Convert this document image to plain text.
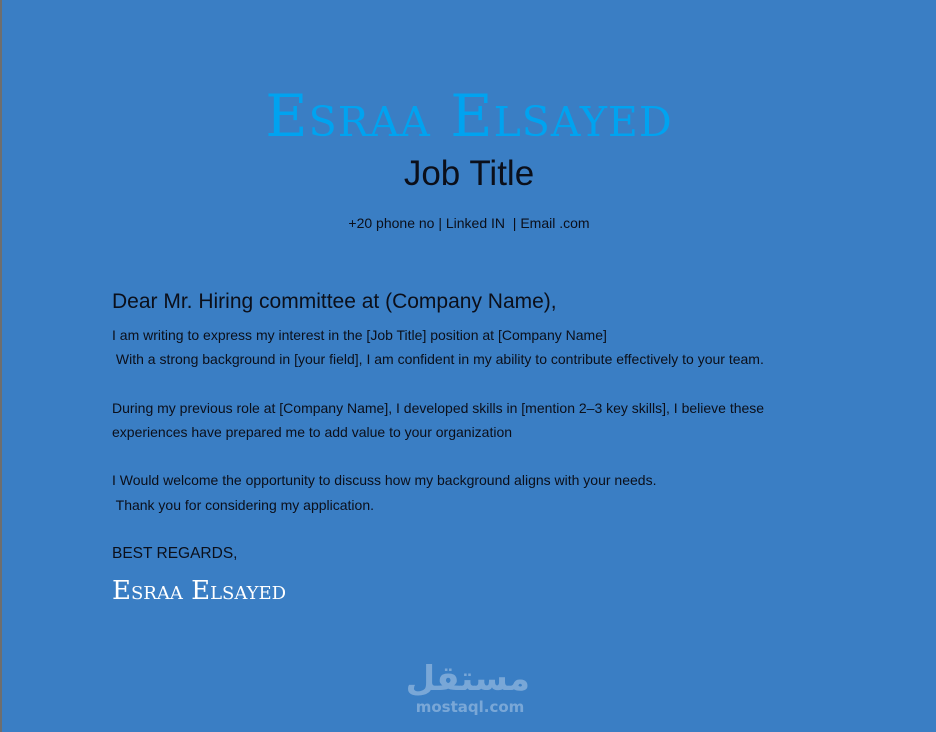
Esraa Elsayed
Job Title
+20 phone no | Linked IN  | Email .com
Dear Mr. Hiring committee at (Company Name),
I am writing to express my interest in the [Job Title] position at [Company Name]
With a strong background in [your field], I am confident in my ability to contribute effectively to your team.
During my previous role at [Company Name], I developed skills in [mention 2–3 key skills], I believe these
experiences have prepared me to add value to your organization
I Would welcome the opportunity to discuss how my background aligns with your needs.
Thank you for considering my application.
BEST REGARDS,
Esraa Elsayed
مستقل
mostaql.com
